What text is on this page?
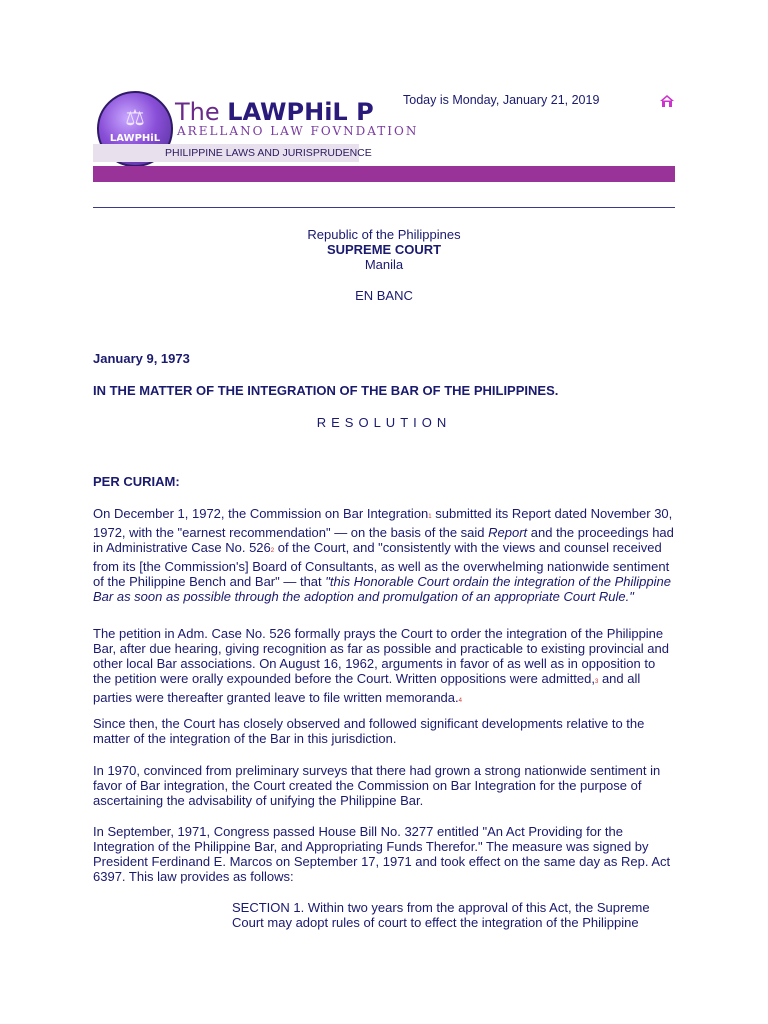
⚖
LAWPHiL
The LAWPHiL P
ARELLANO LAW FOVNDATION
PHILIPPINE LAWS AND JURISPRUDENCE
Today is Monday, January 21, 2019
Republic of the Philippines
SUPREME COURT
Manila
EN BANC
January 9, 1973
IN THE MATTER OF THE INTEGRATION OF THE BAR OF THE PHILIPPINES.
RESOLUTION
PER CURIAM:

On December 1, 1972, the Commission on Bar Integration1 submitted its Report dated November 30, 1972, with the "earnest recommendation" — on the basis of the said Report and the proceedings had in Administrative Case No. 5262 of the Court, and "consistently with the views and counsel received from its [the Commission's] Board of Consultants, as well as the overwhelming nationwide sentiment of the Philippine Bench and Bar" — that "this Honorable Court ordain the integration of the Philippine Bar as soon as possible through the adoption and promulgation of an appropriate Court Rule."

The petition in Adm. Case No. 526 formally prays the Court to order the integration of the Philippine Bar, after due hearing, giving recognition as far as possible and practicable to existing provincial and other local Bar associations. On August 16, 1962, arguments in favor of as well as in opposition to the petition were orally expounded before the Court. Written oppositions were admitted,3 and all parties were thereafter granted leave to file written memoranda.4

Since then, the Court has closely observed and followed significant developments relative to the matter of the integration of the Bar in this jurisdiction.

In 1970, convinced from preliminary surveys that there had grown a strong nationwide sentiment in favor of Bar integration, the Court created the Commission on Bar Integration for the purpose of ascertaining the advisability of unifying the Philippine Bar.

In September, 1971, Congress passed House Bill No. 3277 entitled "An Act Providing for the Integration of the Philippine Bar, and Appropriating Funds Therefor." The measure was signed by President Ferdinand E. Marcos on September 17, 1971 and took effect on the same day as Rep. Act 6397. This law provides as follows:

SECTION 1. Within two years from the approval of this Act, the Supreme Court may adopt rules of court to effect the integration of the Philippine
